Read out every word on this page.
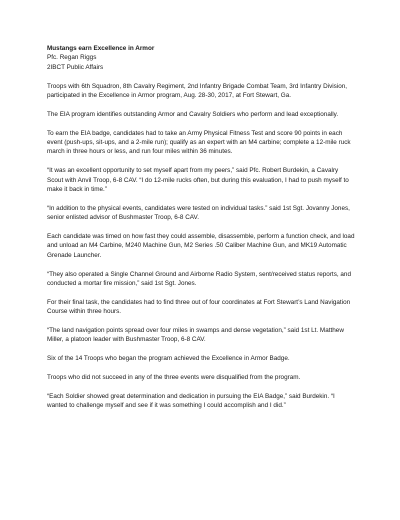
Mustangs earn Excellence in Armor

Pfc. Regan Riggs

2IBCT Public Affairs

Troops with 6th Squadron, 8th Cavalry Regiment, 2nd Infantry Brigade Combat Team, 3rd Infantry Division, participated in the Excellence in Armor program, Aug. 28-30, 2017, at Fort Stewart, Ga.

The EIA program identifies outstanding Armor and Cavalry Soldiers who perform and lead exceptionally.

To earn the EIA badge, candidates had to take an Army Physical Fitness Test and score 90 points in each event (push-ups, sit-ups, and a 2-mile run); qualify as an expert with an M4 carbine; complete a 12-mile ruck march in three hours or less, and run four miles within 36 minutes.

“It was an excellent opportunity to set myself apart from my peers,” said Pfc. Robert Burdekin, a Cavalry Scout with Anvil Troop, 6-8 CAV. “I do 12-mile rucks often, but during this evaluation, I had to push myself to make it back in time.”

“In addition to the physical events, candidates were tested on individual tasks.” said 1st Sgt. Jovanny Jones, senior enlisted advisor of Bushmaster Troop, 6-8 CAV.

Each candidate was timed on how fast they could assemble, disassemble, perform a function check, and load and unload an M4 Carbine, M240 Machine Gun, M2 Series .50 Caliber Machine Gun, and MK19 Automatic Grenade Launcher.

“They also operated a Single Channel Ground and Airborne Radio System, sent/received status reports, and conducted a mortar fire mission,” said 1st Sgt. Jones.

For their final task, the candidates had to find three out of four coordinates at Fort Stewart’s Land Navigation Course within three hours.

“The land navigation points spread over four miles in swamps and dense vegetation,” said 1st Lt. Matthew Miller, a platoon leader with Bushmaster Troop, 6-8 CAV.

Six of the 14 Troops who began the program achieved the Excellence in Armor Badge.

Troops who did not succeed in any of the three events were disqualified from the program.

“Each Soldier showed great determination and dedication in pursuing the EIA Badge,” said Burdekin. “I wanted to challenge myself and see if it was something I could accomplish and I did.”
